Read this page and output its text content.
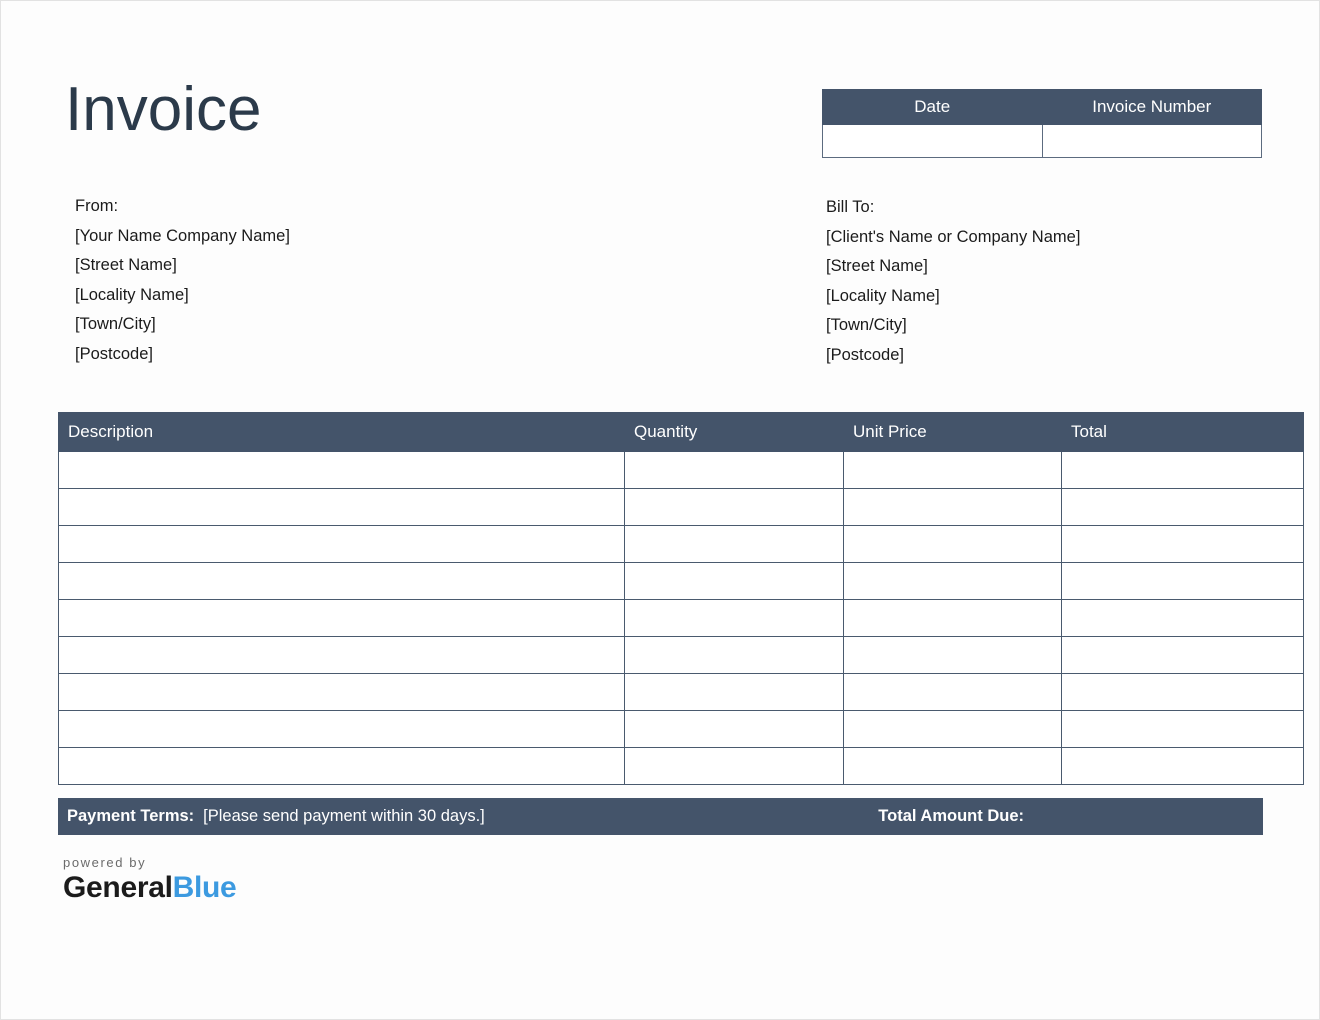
Invoice	Date	Invoice Number

From:
[Your Name Company Name]
[Street Name]
[Locality Name]
[Town/City]
[Postcode]
Bill To:
[Client's Name or Company Name]
[Street Name]
[Locality Name]
[Town/City]
[Postcode]
Description	Quantity	Unit Price	Total

Payment Terms: [Please send payment within 30 days.]	Total Amount Due:
powered by
GeneralBlue
